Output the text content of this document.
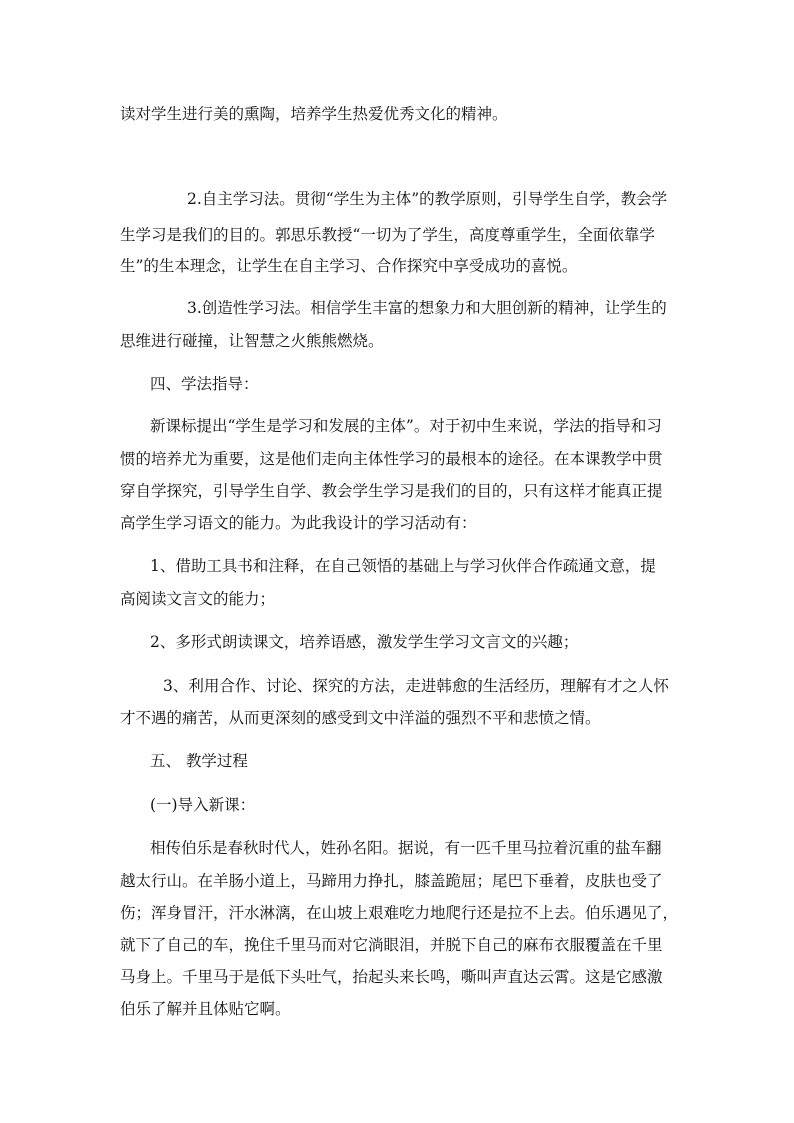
读对学生进行美的熏陶，培养学生热爱优秀文化的精神。
2.自主学习法。贯彻“学生为主体”的教学原则，引导学生自学，教会学
生学习是我们的目的。郭思乐教授“一切为了学生，高度尊重学生，全面依靠学
生”的生本理念，让学生在自主学习、合作探究中享受成功的喜悦。
3.创造性学习法。相信学生丰富的想象力和大胆创新的精神，让学生的
思维进行碰撞，让智慧之火熊熊燃烧。
四、学法指导：
新课标提出“学生是学习和发展的主体”。对于初中生来说，学法的指导和习
惯的培养尤为重要，这是他们走向主体性学习的最根本的途径。在本课教学中贯
穿自学探究，引导学生自学、教会学生学习是我们的目的，只有这样才能真正提
高学生学习语文的能力。为此我设计的学习活动有：
1、借助工具书和注释，在自己领悟的基础上与学习伙伴合作疏通文意，提
高阅读文言文的能力；
2、多形式朗读课文，培养语感，激发学生学习文言文的兴趣；
3、利用合作、讨论、探究的方法，走进韩愈的生活经历，理解有才之人怀
才不遇的痛苦，从而更深刻的感受到文中洋溢的强烈不平和悲愤之情。
五、 教学过程
(一)导入新课：
相传伯乐是春秋时代人，姓孙名阳。据说，有一匹千里马拉着沉重的盐车翻
越太行山。在羊肠小道上，马蹄用力挣扎，膝盖跪屈；尾巴下垂着，皮肤也受了
伤；浑身冒汗，汗水淋漓，在山坡上艰难吃力地爬行还是拉不上去。伯乐遇见了，
就下了自己的车，挽住千里马而对它淌眼泪，并脱下自己的麻布衣服覆盖在千里
马身上。千里马于是低下头吐气，抬起头来长鸣，嘶叫声直达云霄。这是它感激
伯乐了解并且体贴它啊。
